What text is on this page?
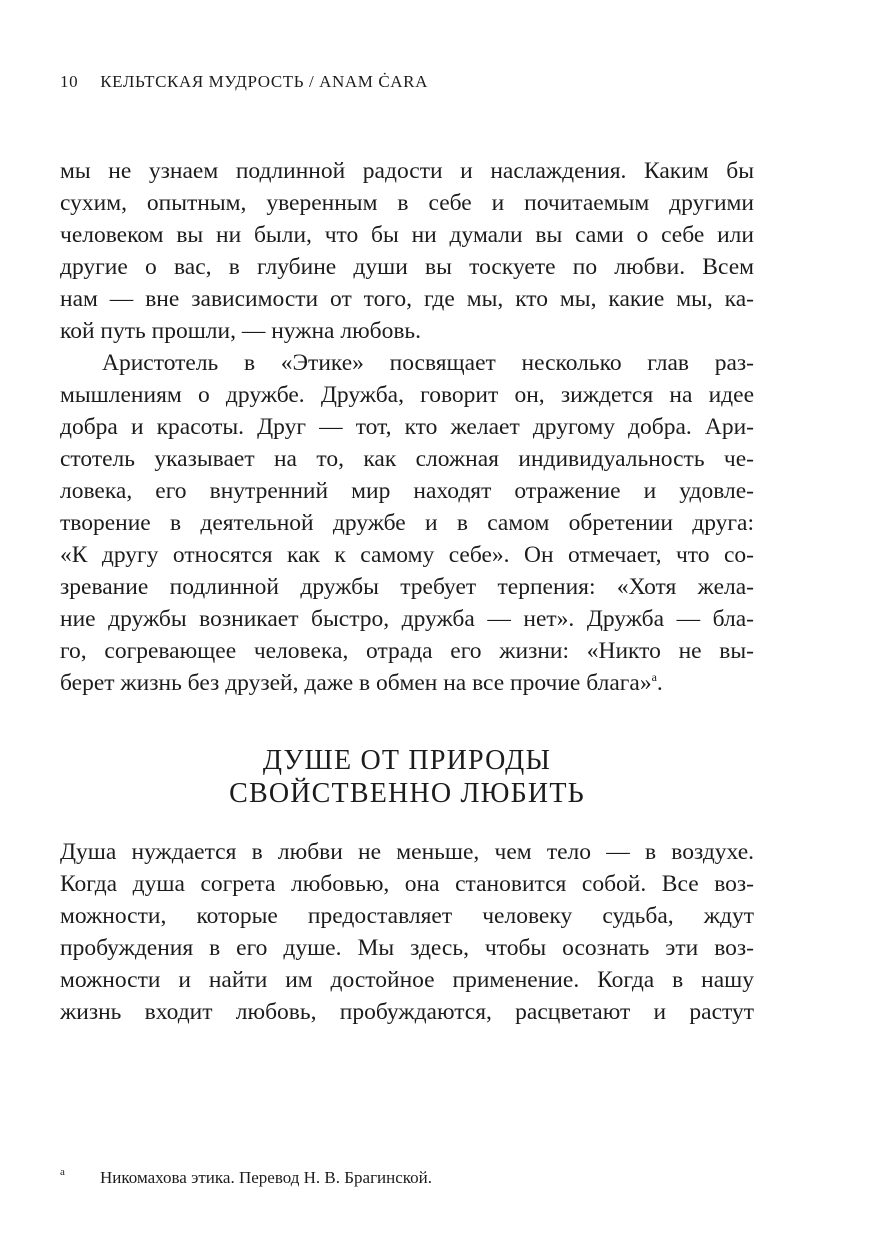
10 КЕЛЬТСКАЯ МУДРОСТЬ / ANAM ĊARA
мы не узнаем подлинной радости и наслаждения. Каким бы
сухим, опытным, уверенным в себе и почитаемым другими
человеком вы ни были, что бы ни думали вы сами о себе или
другие о вас, в глубине души вы тоскуете по любви. Всем
нам — вне зависимости от того, где мы, кто мы, какие мы, ка-
кой путь прошли, — нужна любовь.
Аристотель в «Этике» посвящает несколько глав раз-
мышлениям о дружбе. Дружба, говорит он, зиждется на идее
добра и красоты. Друг — тот, кто желает другому добра. Ари-
стотель указывает на то, как сложная индивидуальность че-
ловека, его внутренний мир находят отражение и удовле-
творение в деятельной дружбе и в самом обретении друга:
«К другу относятся как к самому себе». Он отмечает, что со-
зревание подлинной дружбы требует терпения: «Хотя жела-
ние дружбы возникает быстро, дружба — нет». Дружба — бла-
го, согревающее человека, отрада его жизни: «Никто не вы-
берет жизнь без друзей, даже в обмен на все прочие блага»$^a$.
ДУШЕ ОТ ПРИРОДЫ
СВОЙСТВЕННО ЛЮБИТЬ
Душа нуждается в любви не меньше, чем тело — в воздухе.
Когда душа согрета любовью, она становится собой. Все воз-
можности, которые предоставляет человеку судьба, ждут
пробуждения в его душе. Мы здесь, чтобы осознать эти воз-
можности и найти им достойное применение. Когда в нашу
жизнь входит любовь, пробуждаются, расцветают и растут
a Никомахова этика. Перевод Н. В. Брагинской.
